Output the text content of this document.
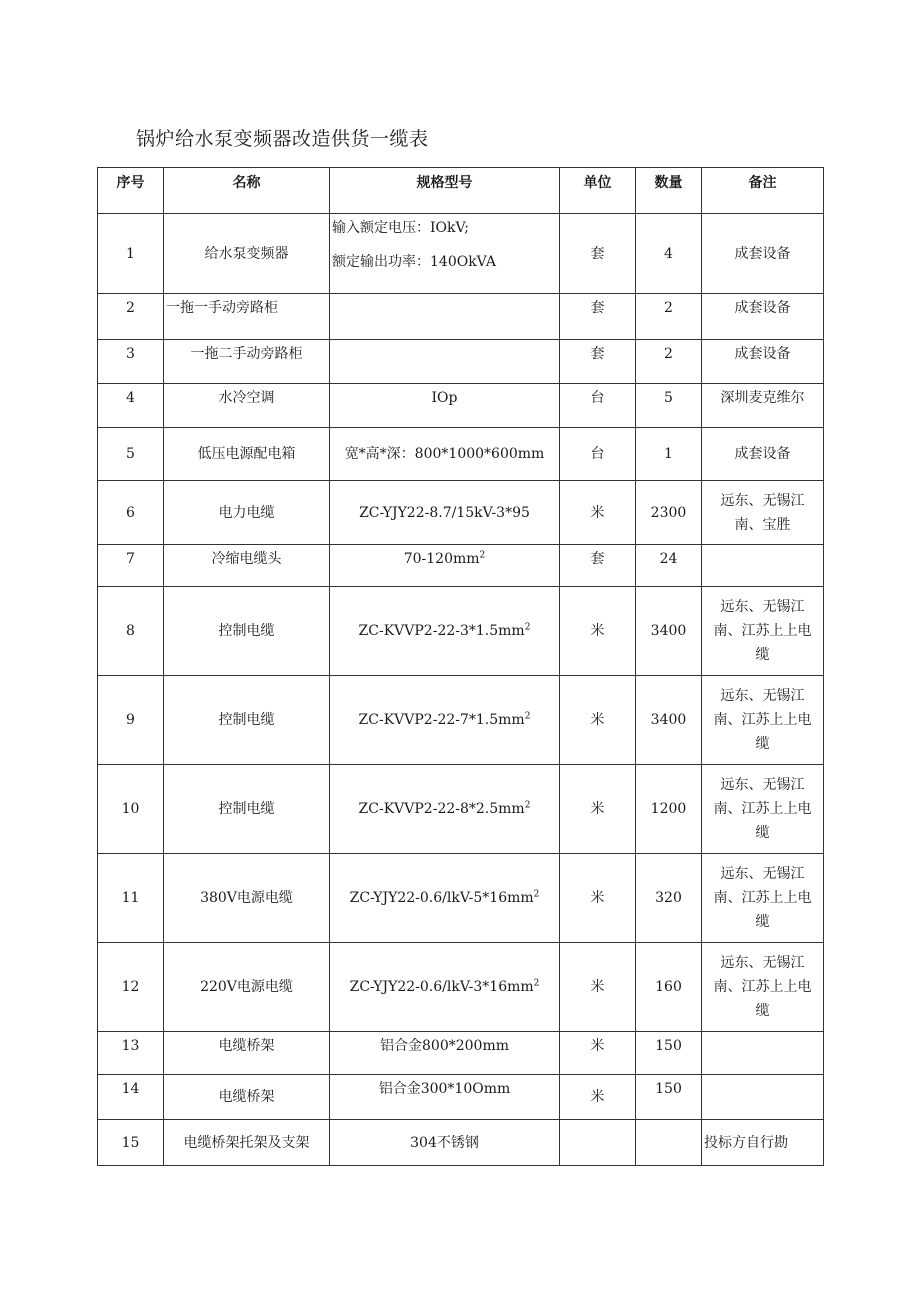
锅炉给水泵变频器改造供货一缆表
序号	名称	规格型号	单位	数量	备注
1	给水泵变频器	输入额定电压：IOkV;
额定输出功率：140OkVA	套	4	成套设备
2	一拖一手动旁路柜		套	2	成套设备
3	一拖二手动旁路柜		套	2	成套设备
4	水冷空调	IOp	台	5	深圳麦克维尔
5	低压电源配电箱	宽*高*深：800*1000*600mm	台	1	成套设备
6	电力电缆	ZC-YJY22-8.7/15kV-3*95	米	2300	远东、无锡江南、宝胜
7	冷缩电缆头	$70-120mm^2$	套	24	
8	控制电缆	$ZC-KVVP2-22-3*1.5mm^2$	米	3400	远东、无锡江南、江苏上上电缆
9	控制电缆	$ZC-KVVP2-22-7*1.5mm^2$	米	3400	远东、无锡江南、江苏上上电缆
10	控制电缆	$ZC-KVVP2-22-8*2.5mm^2$	米	1200	远东、无锡江南、江苏上上电缆
11	380V电源电缆	$ZC-YJY22-0.6/lkV-5*16mm^2$	米	320	远东、无锡江南、江苏上上电缆
12	220V电源电缆	$ZC-YJY22-0.6/lkV-3*16mm^2$	米	160	远东、无锡江南、江苏上上电缆
13	电缆桥架	铝合金800*200mm	米	150	
14	电缆桥架	铝合金300*10Omm	米	150	
15	电缆桥架托架及支架	304不锈钢			投标方自行勘
